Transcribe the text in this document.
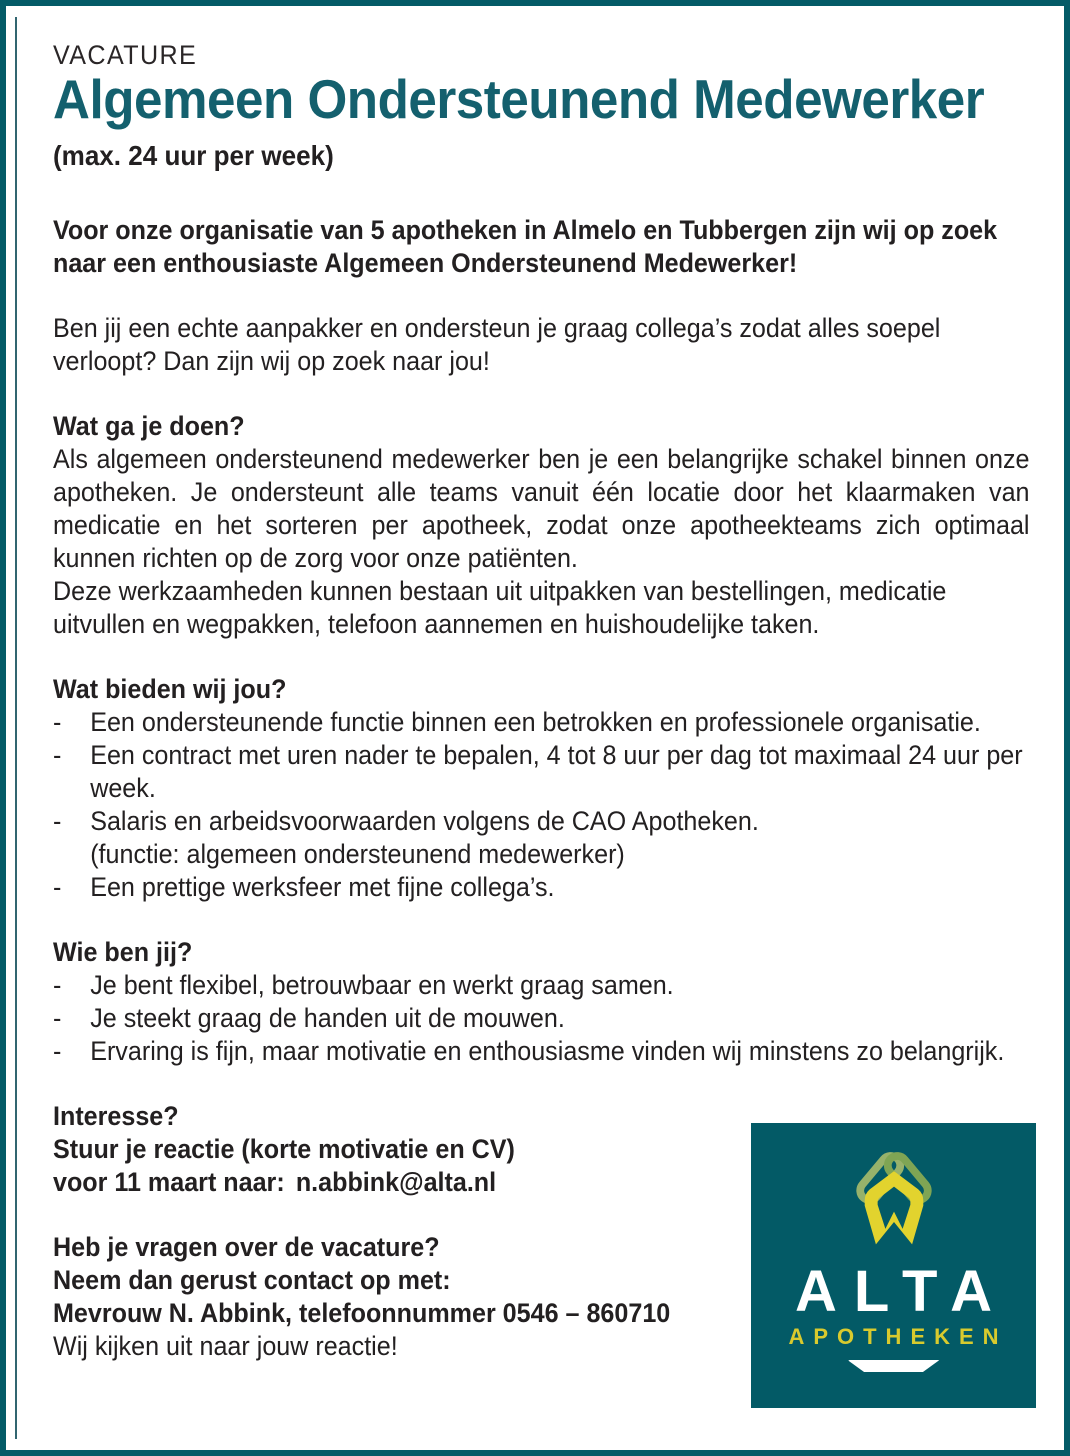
VACATURE
Algemeen Ondersteunend Medewerker
(max. 24 uur per week)

Voor onze organisatie van 5 apotheken in Almelo en Tubbergen zijn wij op zoek naar een enthousiaste Algemeen Ondersteunend Medewerker!

Ben jij een echte aanpakker en ondersteun je graag collega’s zodat alles soepel verloopt? Dan zijn wij op zoek naar jou!

Wat ga je doen?

Als algemeen ondersteunend medewerker ben je een belangrijke schakel binnen onze apotheken. Je ondersteunt alle teams vanuit één locatie door het klaarmaken van medicatie en het sorteren per apotheek, zodat onze apotheekteams zich optimaal kunnen richten op de zorg voor onze patiënten.

Deze werkzaamheden kunnen bestaan uit uitpakken van bestellingen, medicatie uitvullen en wegpakken, telefoon aannemen en huishoudelijke taken.

Wat bieden wij jou?

-	Een ondersteunende functie binnen een betrokken en professionele organisatie.
-	Een contract met uren nader te bepalen, 4 tot 8 uur per dag tot maximaal 24 uur per week.
-	Salaris en arbeidsvoorwaarden volgens de CAO Apotheken.
(functie: algemeen ondersteunend medewerker)
-	Een prettige werksfeer met fijne collega’s.

Wie ben jij?

-	Je bent flexibel, betrouwbaar en werkt graag samen.
-	Je steekt graag de handen uit de mouwen.
-	Ervaring is fijn, maar motivatie en enthousiasme vinden wij minstens zo belangrijk.

Interesse?

Stuur je reactie (korte motivatie en CV)

voor 11 maart naar: n.abbink@alta.nl

Heb je vragen over de vacature?

Neem dan gerust contact op met:

Mevrouw N. Abbink, telefoonnummer 0546 – 860710

Wij kijken uit naar jouw reactie!

ALTA
APOTHEKEN
